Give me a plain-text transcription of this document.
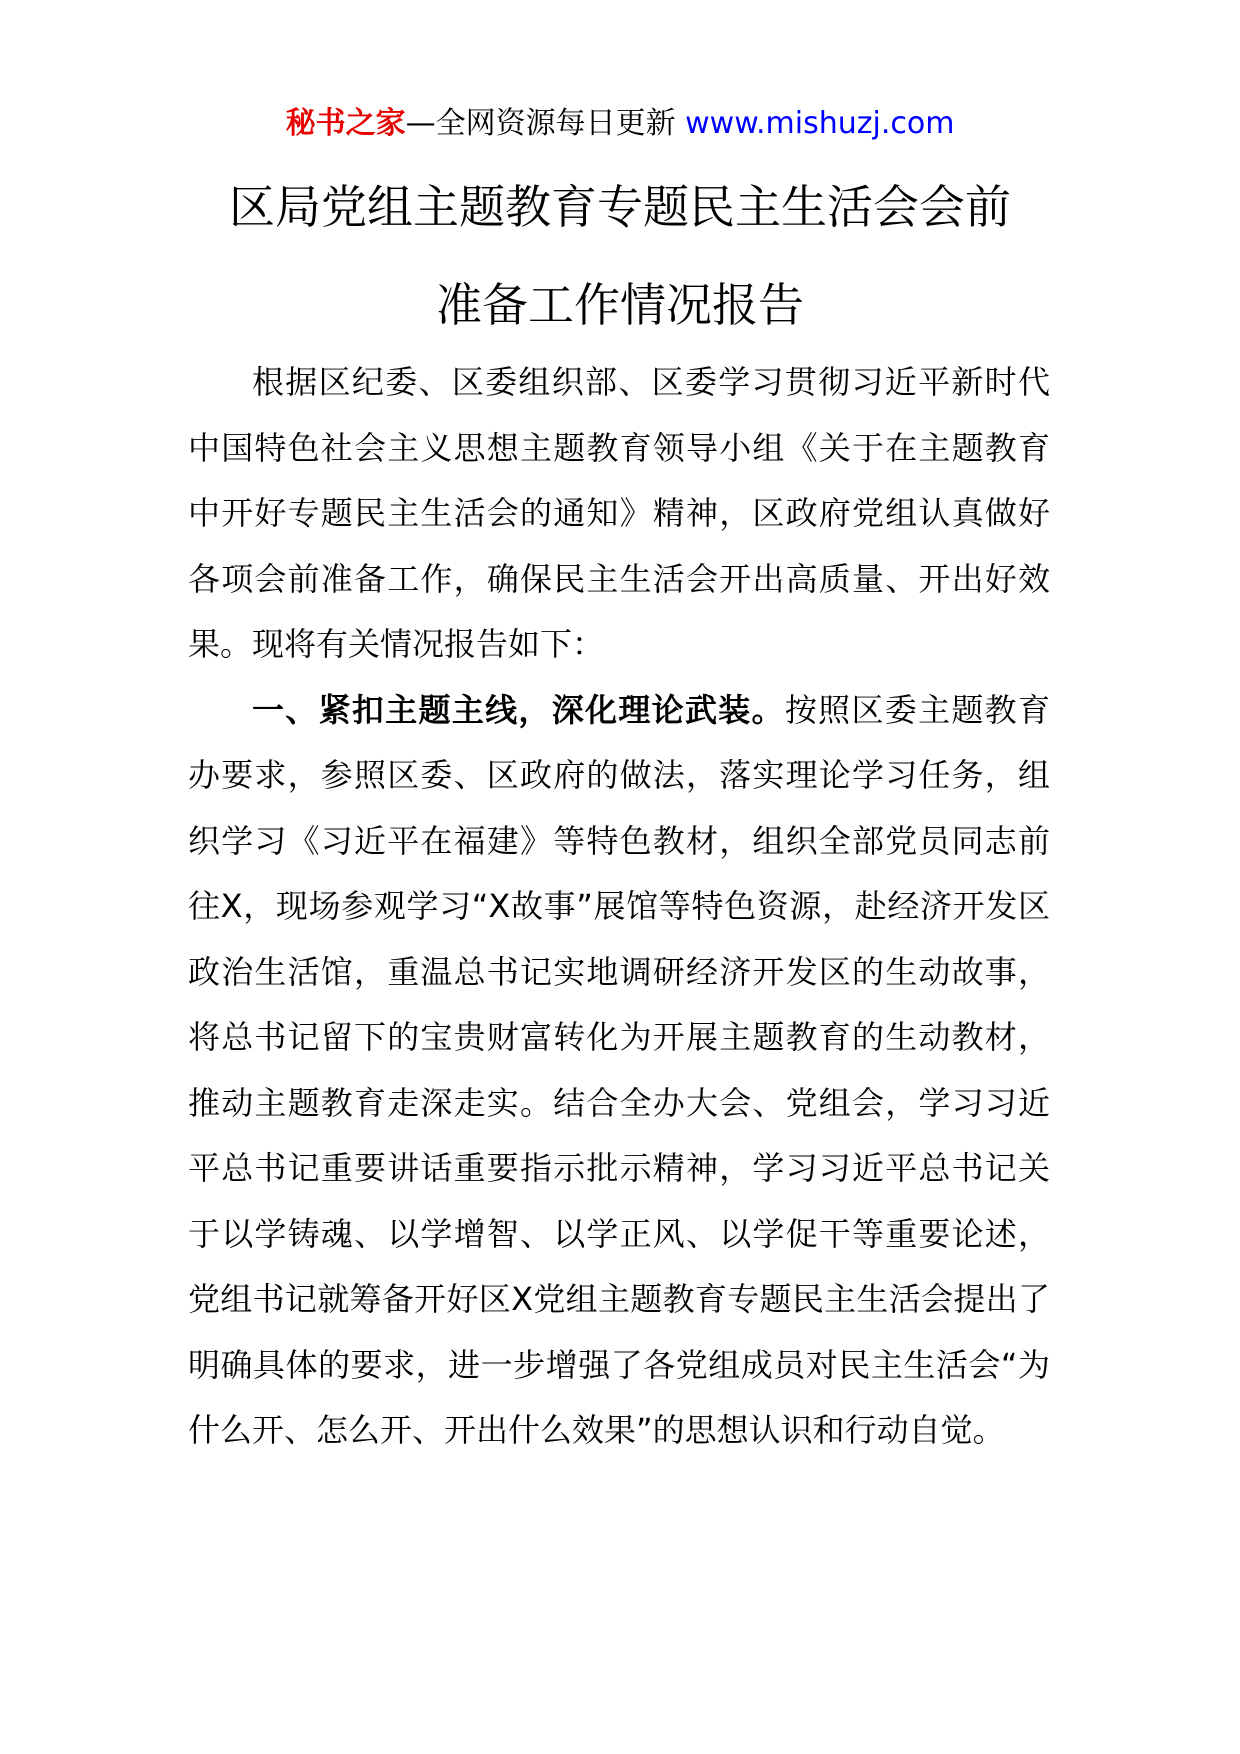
秘书之家—全网资源每日更新 www.mishuzj.com
区局党组主题教育专题民主生活会会前
准备工作情况报告

根据区纪委、区委组织部、区委学习贯彻习近平新时代中国特色社会主义思想主题教育领导小组《关于在主题教育中开好专题民主生活会的通知》精神，区政府党组认真做好各项会前准备工作，确保民主生活会开出高质量、开出好效果。现将有关情况报告如下：

一、紧扣主题主线，深化理论武装。按照区委主题教育办要求，参照区委、区政府的做法，落实理论学习任务，组织学习《习近平在福建》等特色教材，组织全部党员同志前往X，现场参观学习“X故事”展馆等特色资源，赴经济开发区政治生活馆，重温总书记实地调研经济开发区的生动故事，将总书记留下的宝贵财富转化为开展主题教育的生动教材，推动主题教育走深走实。结合全办大会、党组会，学习习近平总书记重要讲话重要指示批示精神，学习习近平总书记关于以学铸魂、以学增智、以学正风、以学促干等重要论述，党组书记就筹备开好区X党组主题教育专题民主生活会提出了明确具体的要求，进一步增强了各党组成员对民主生活会“为什么开、怎么开、开出什么效果”的思想认识和行动自觉。
